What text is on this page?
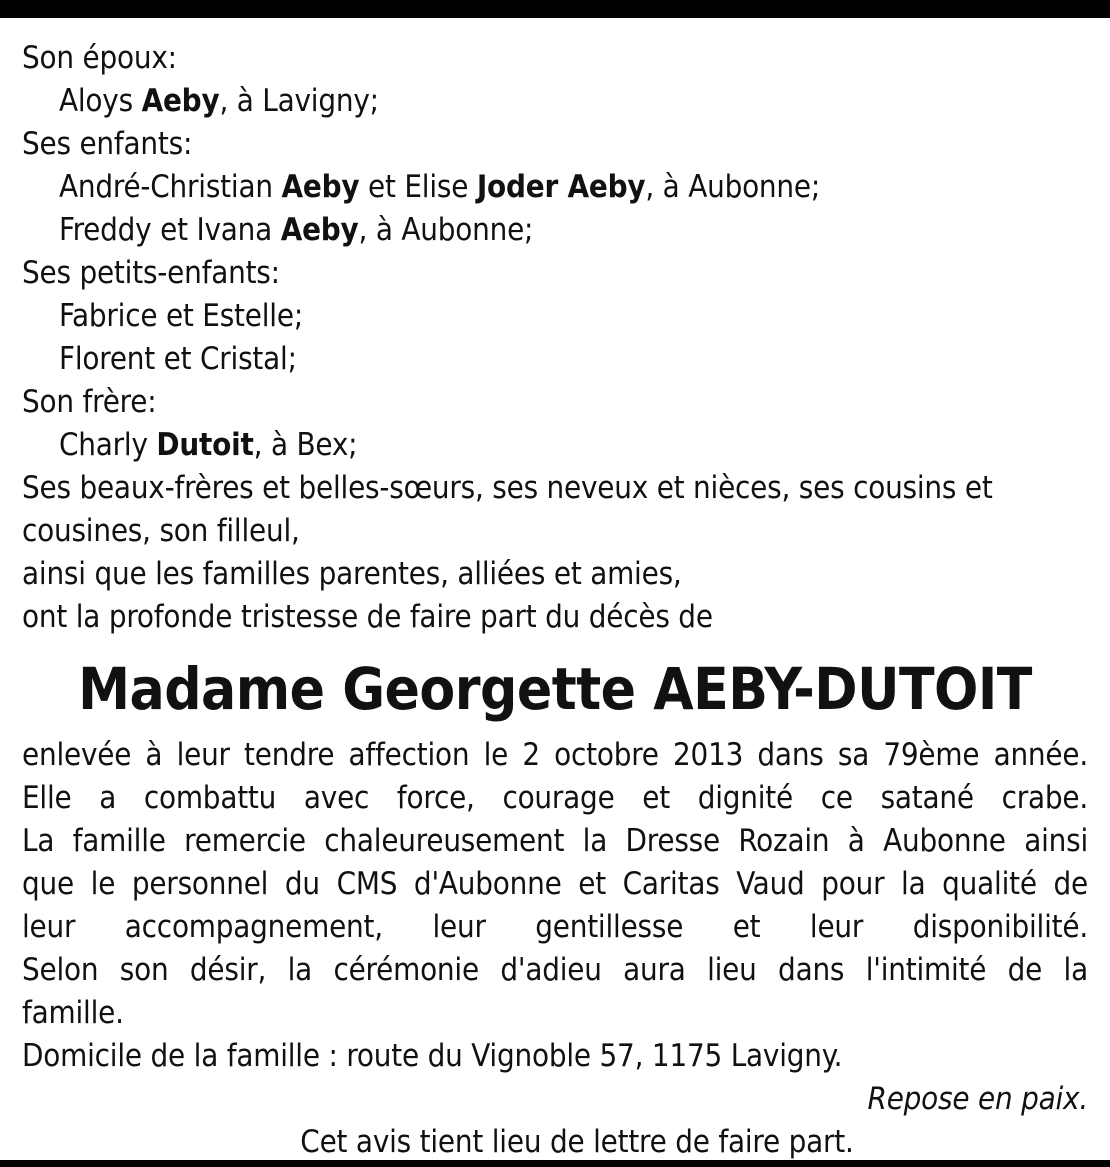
Son époux:
Aloys Aeby, à Lavigny;
Ses enfants:
André-Christian Aeby et Elise Joder Aeby, à Aubonne;
Freddy et Ivana Aeby, à Aubonne;
Ses petits-enfants:
Fabrice et Estelle;
Florent et Cristal;
Son frère:
Charly Dutoit, à Bex;
Ses beaux-frères et belles-sœurs, ses neveux et nièces, ses cousins et
cousines, son filleul,
ainsi que les familles parentes, alliées et amies,
ont la profonde tristesse de faire part du décès de
Madame Georgette AEBY-DUTOIT
enlevée à leur tendre affection le 2 octobre 2013 dans sa 79ème année.
Elle a combattu avec force, courage et dignité ce satané crabe.
La famille remercie chaleureusement la Dresse Rozain à Aubonne ainsi
que le personnel du CMS d'Aubonne et Caritas Vaud pour la qualité de
leur accompagnement, leur gentillesse et leur disponibilité.
Selon son désir, la cérémonie d'adieu aura lieu dans l'intimité de la
famille.
Domicile de la famille : route du Vignoble 57, 1175 Lavigny.
Repose en paix.
Cet avis tient lieu de lettre de faire part.
